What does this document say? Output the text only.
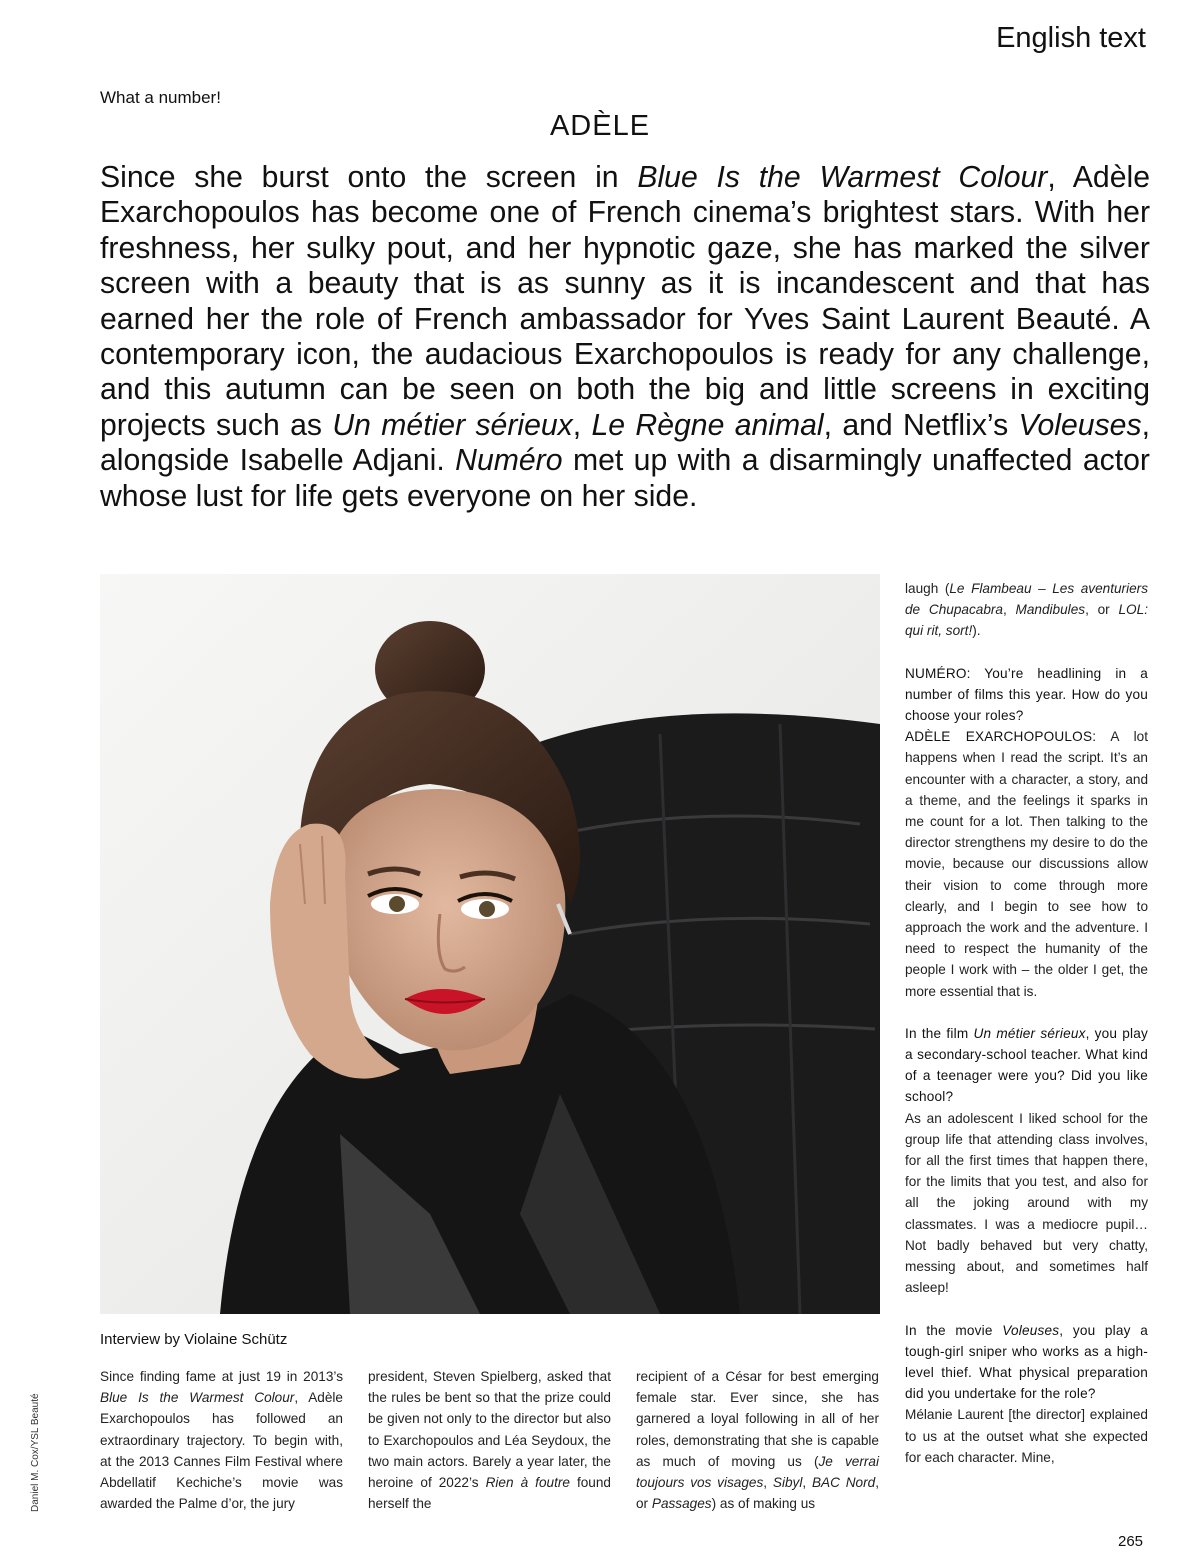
English text
What a number!
ADÈLE

Since she burst onto the screen in Blue Is the Warmest Colour, Adèle Exarchopoulos has become one of French cinema’s brightest stars. With her freshness, her sulky pout, and her hypnotic gaze, she has marked the silver screen with a beauty that is as sunny as it is incandescent and that has earned her the role of French ambassador for Yves Saint Laurent Beauté. A contemporary icon, the audacious Exarchopoulos is ready for any challenge, and this autumn can be seen on both the big and little screens in exciting projects such as Un métier sérieux, Le Règne animal, and Netflix’s Voleuses, alongside Isabelle Adjani. Numéro met up with a disarmingly unaffected actor whose lust for life gets everyone on her side.

Interview by Violaine Schütz

Since finding fame at just 19 in 2013’s Blue Is the Warmest Colour, Adèle Exarchopoulos has followed an extraordinary trajectory. To begin with, at the 2013 Cannes Film Festival where Abdellatif Kechiche’s movie was awarded the Palme d’or, the jury

president, Steven Spielberg, asked that the rules be bent so that the prize could be given not only to the director but also to Exarchopoulos and Léa Seydoux, the two main actors. Barely a year later, the heroine of 2022’s Rien à foutre found herself the

recipient of a César for best emerging female star. Ever since, she has garnered a loyal following in all of her roles, demonstrating that she is capable as much of moving us (Je verrai toujours vos visages, Sibyl, BAC Nord, or Passages) as of making us

laugh (Le Flambeau – Les aventuriers de Chupacabra, Mandibules, or LOL: qui rit, sort!).

NUMÉRO: You’re headlining in a number of films this year. How do you choose your roles?

ADÈLE EXARCHOPOULOS: A lot happens when I read the script. It’s an encounter with a character, a story, and a theme, and the feelings it sparks in me count for a lot. Then talking to the director strengthens my desire to do the movie, because our discussions allow their vision to come through more clearly, and I begin to see how to approach the work and the adventure. I need to respect the humanity of the people I work with – the older I get, the more essential that is.

In the film Un métier sérieux, you play a secondary-school teacher. What kind of a teenager were you? Did you like school?

As an adolescent I liked school for the group life that attending class involves, for all the first times that happen there, for the limits that you test, and also for all the joking around with my classmates. I was a mediocre pupil… Not badly behaved but very chatty, messing about, and sometimes half asleep!

In the movie Voleuses, you play a tough-girl sniper who works as a high-level thief. What physical preparation did you undertake for the role?

Mélanie Laurent [the director] explained to us at the outset what she expected for each character. Mine,

Daniel M. Cox/YSL Beauté
265
